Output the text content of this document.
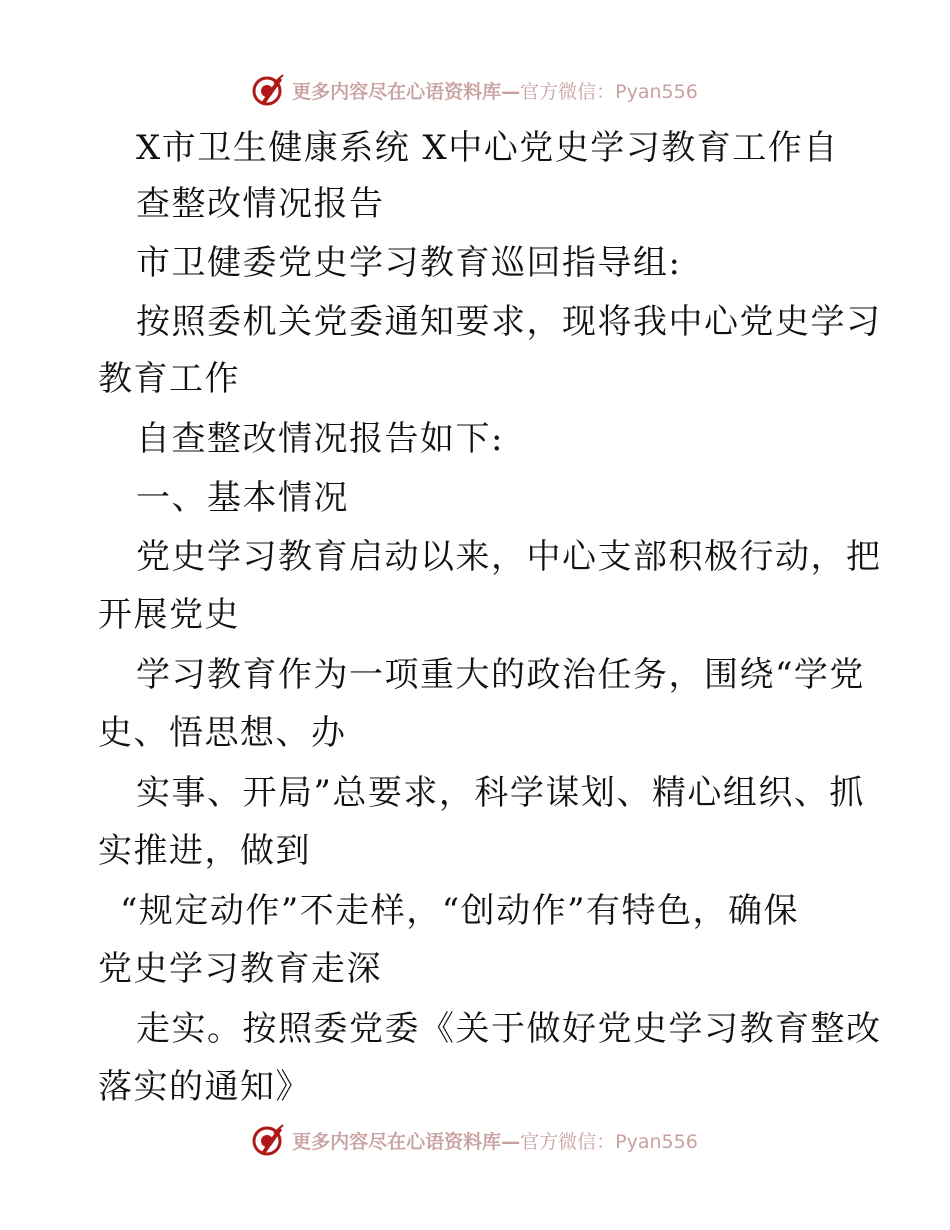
更多内容尽在心语资料库—官方微信：Pyan556
X市卫生健康系统 X中心党史学习教育工作自
查整改情况报告
市卫健委党史学习教育巡回指导组:
按照委机关党委通知要求，现将我中心党史学习
教育工作
自查整改情况报告如下:
一、基本情况
党史学习教育启动以来，中心支部积极行动，把
开展党史
学习教育作为一项重大的政治任务，围绕“学党
史、悟思想、办
实事、开局”总要求，科学谋划、精心组织、抓
实推进，做到
“规定动作”不走样，“创动作”有特色，确保
党史学习教育走深
走实。按照委党委《关于做好党史学习教育整改
落实的通知》
更多内容尽在心语资料库—官方微信：Pyan556
